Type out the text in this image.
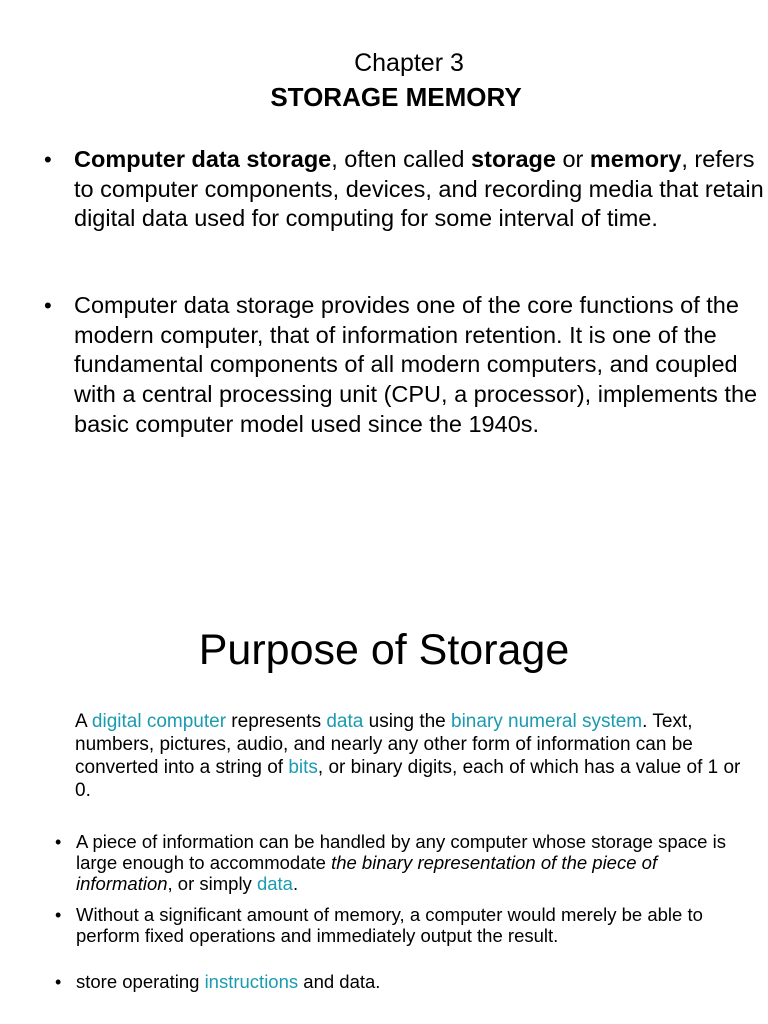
Chapter 3
STORAGE MEMORY
• Computer data storage, often called storage or memory, refers to computer components, devices, and recording media that retain digital data used for computing for some interval of time.
• Computer data storage provides one of the core functions of the modern computer, that of information retention. It is one of the fundamental components of all modern computers, and coupled with a central processing unit (CPU, a processor), implements the basic computer model used since the 1940s.
Purpose of Storage
A digital computer represents data using the binary numeral system. Text, numbers, pictures, audio, and nearly any other form of information can be converted into a string of bits, or binary digits, each of which has a value of 1 or 0.
• A piece of information can be handled by any computer whose storage space is large enough to accommodate the binary representation of the piece of information, or simply data.
• Without a significant amount of memory, a computer would merely be able to perform fixed operations and immediately output the result.
• store operating instructions and data.
